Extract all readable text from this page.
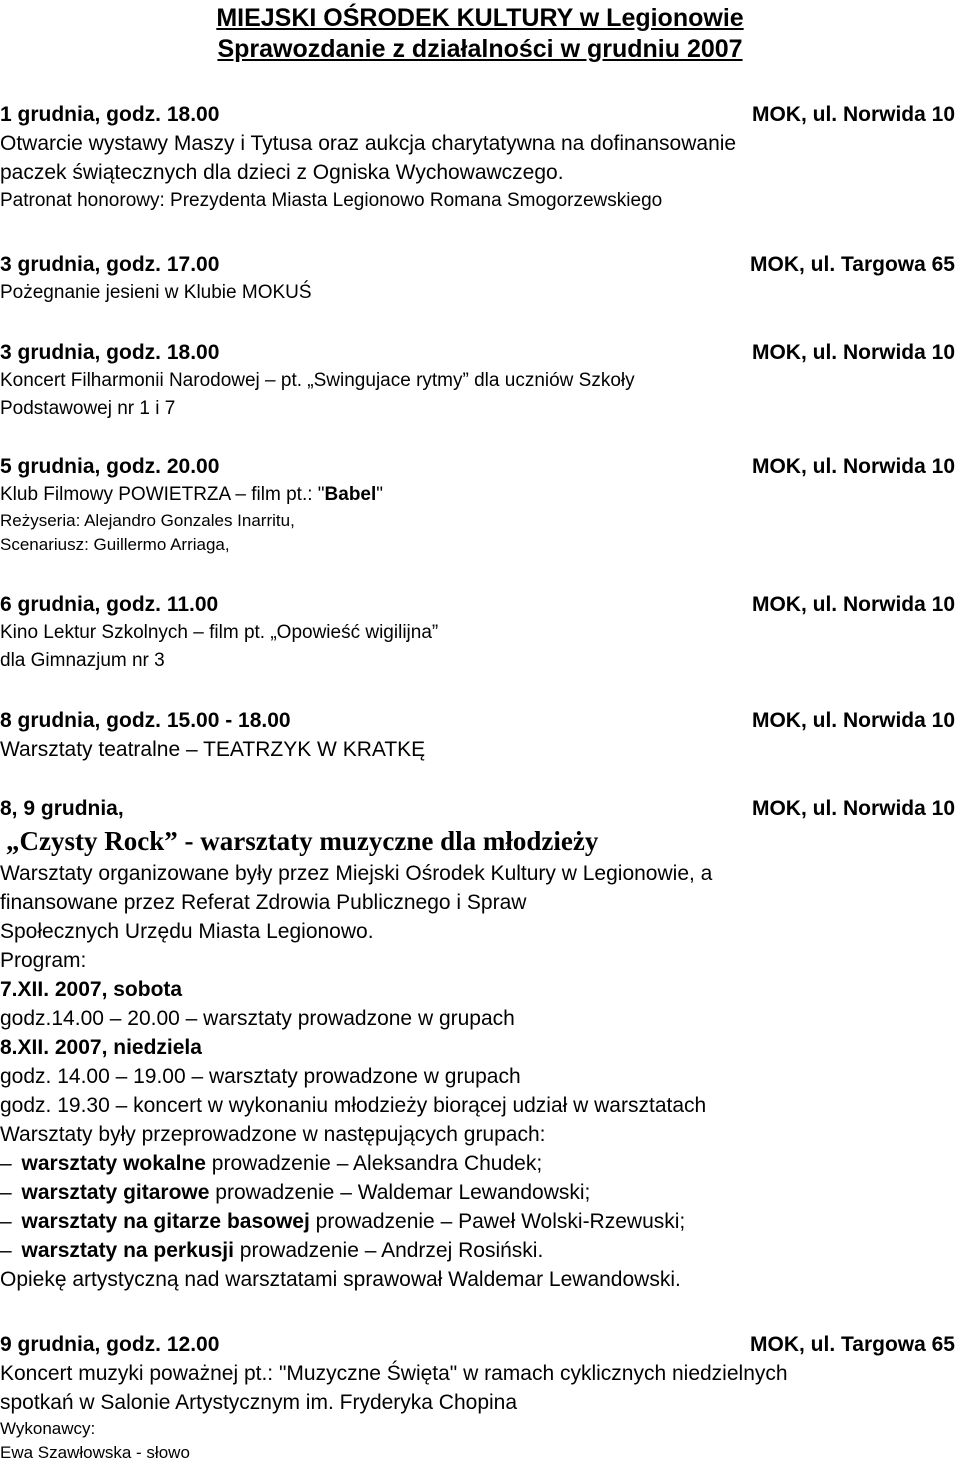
MIEJSKI OŚRODEK KULTURY w Legionowie
Sprawozdanie z działalności w grudniu 2007
1 grudnia, godz. 18.00	MOK, ul. Norwida 10
Otwarcie wystawy Maszy i Tytusa oraz aukcja charytatywna na dofinansowanie
paczek świątecznych dla dzieci z Ogniska Wychowawczego.
Patronat honorowy: Prezydenta Miasta Legionowo Romana Smogorzewskiego
3 grudnia, godz. 17.00	MOK, ul. Targowa 65
Pożegnanie jesieni w Klubie MOKUŚ
3 grudnia, godz. 18.00	MOK, ul. Norwida 10
Koncert Filharmonii Narodowej – pt. „Swingujace rytmy” dla uczniów Szkoły
Podstawowej nr 1 i 7
5 grudnia, godz. 20.00	MOK, ul. Norwida 10
Klub Filmowy POWIETRZA – film pt.: "Babel"
Reżyseria: Alejandro Gonzales Inarritu,
Scenariusz: Guillermo Arriaga,
6 grudnia, godz. 11.00	MOK, ul. Norwida 10
Kino Lektur Szkolnych – film pt. „Opowieść wigilijna”
dla Gimnazjum nr 3
8 grudnia, godz. 15.00 - 18.00	MOK, ul. Norwida 10
Warsztaty teatralne – TEATRZYK W KRATKĘ
8, 9 grudnia,	MOK, ul. Norwida 10
„Czysty Rock” - warsztaty muzyczne dla młodzieży
Warsztaty organizowane były przez Miejski Ośrodek Kultury w Legionowie, a
finansowane przez Referat Zdrowia Publicznego i Spraw
Społecznych Urzędu Miasta Legionowo.
Program:
7.XII. 2007, sobota
godz.14.00 – 20.00 – warsztaty prowadzone w grupach
8.XII. 2007, niedziela
godz. 14.00 – 19.00 – warsztaty prowadzone w grupach
godz. 19.30 – koncert w wykonaniu młodzieży biorącej udział w warsztatach
Warsztaty były przeprowadzone w następujących grupach:
– warsztaty wokalne prowadzenie – Aleksandra Chudek;
– warsztaty gitarowe prowadzenie – Waldemar Lewandowski;
– warsztaty na gitarze basowej prowadzenie – Paweł Wolski-Rzewuski;
– warsztaty na perkusji prowadzenie – Andrzej Rosiński.
Opiekę artystyczną nad warsztatami sprawował Waldemar Lewandowski.
9 grudnia, godz. 12.00	MOK, ul. Targowa 65
Koncert muzyki poważnej pt.: "Muzyczne Święta" w ramach cyklicznych niedzielnych
spotkań w Salonie Artystycznym im. Fryderyka Chopina
Wykonawcy:
Ewa Szawłowska - słowo
